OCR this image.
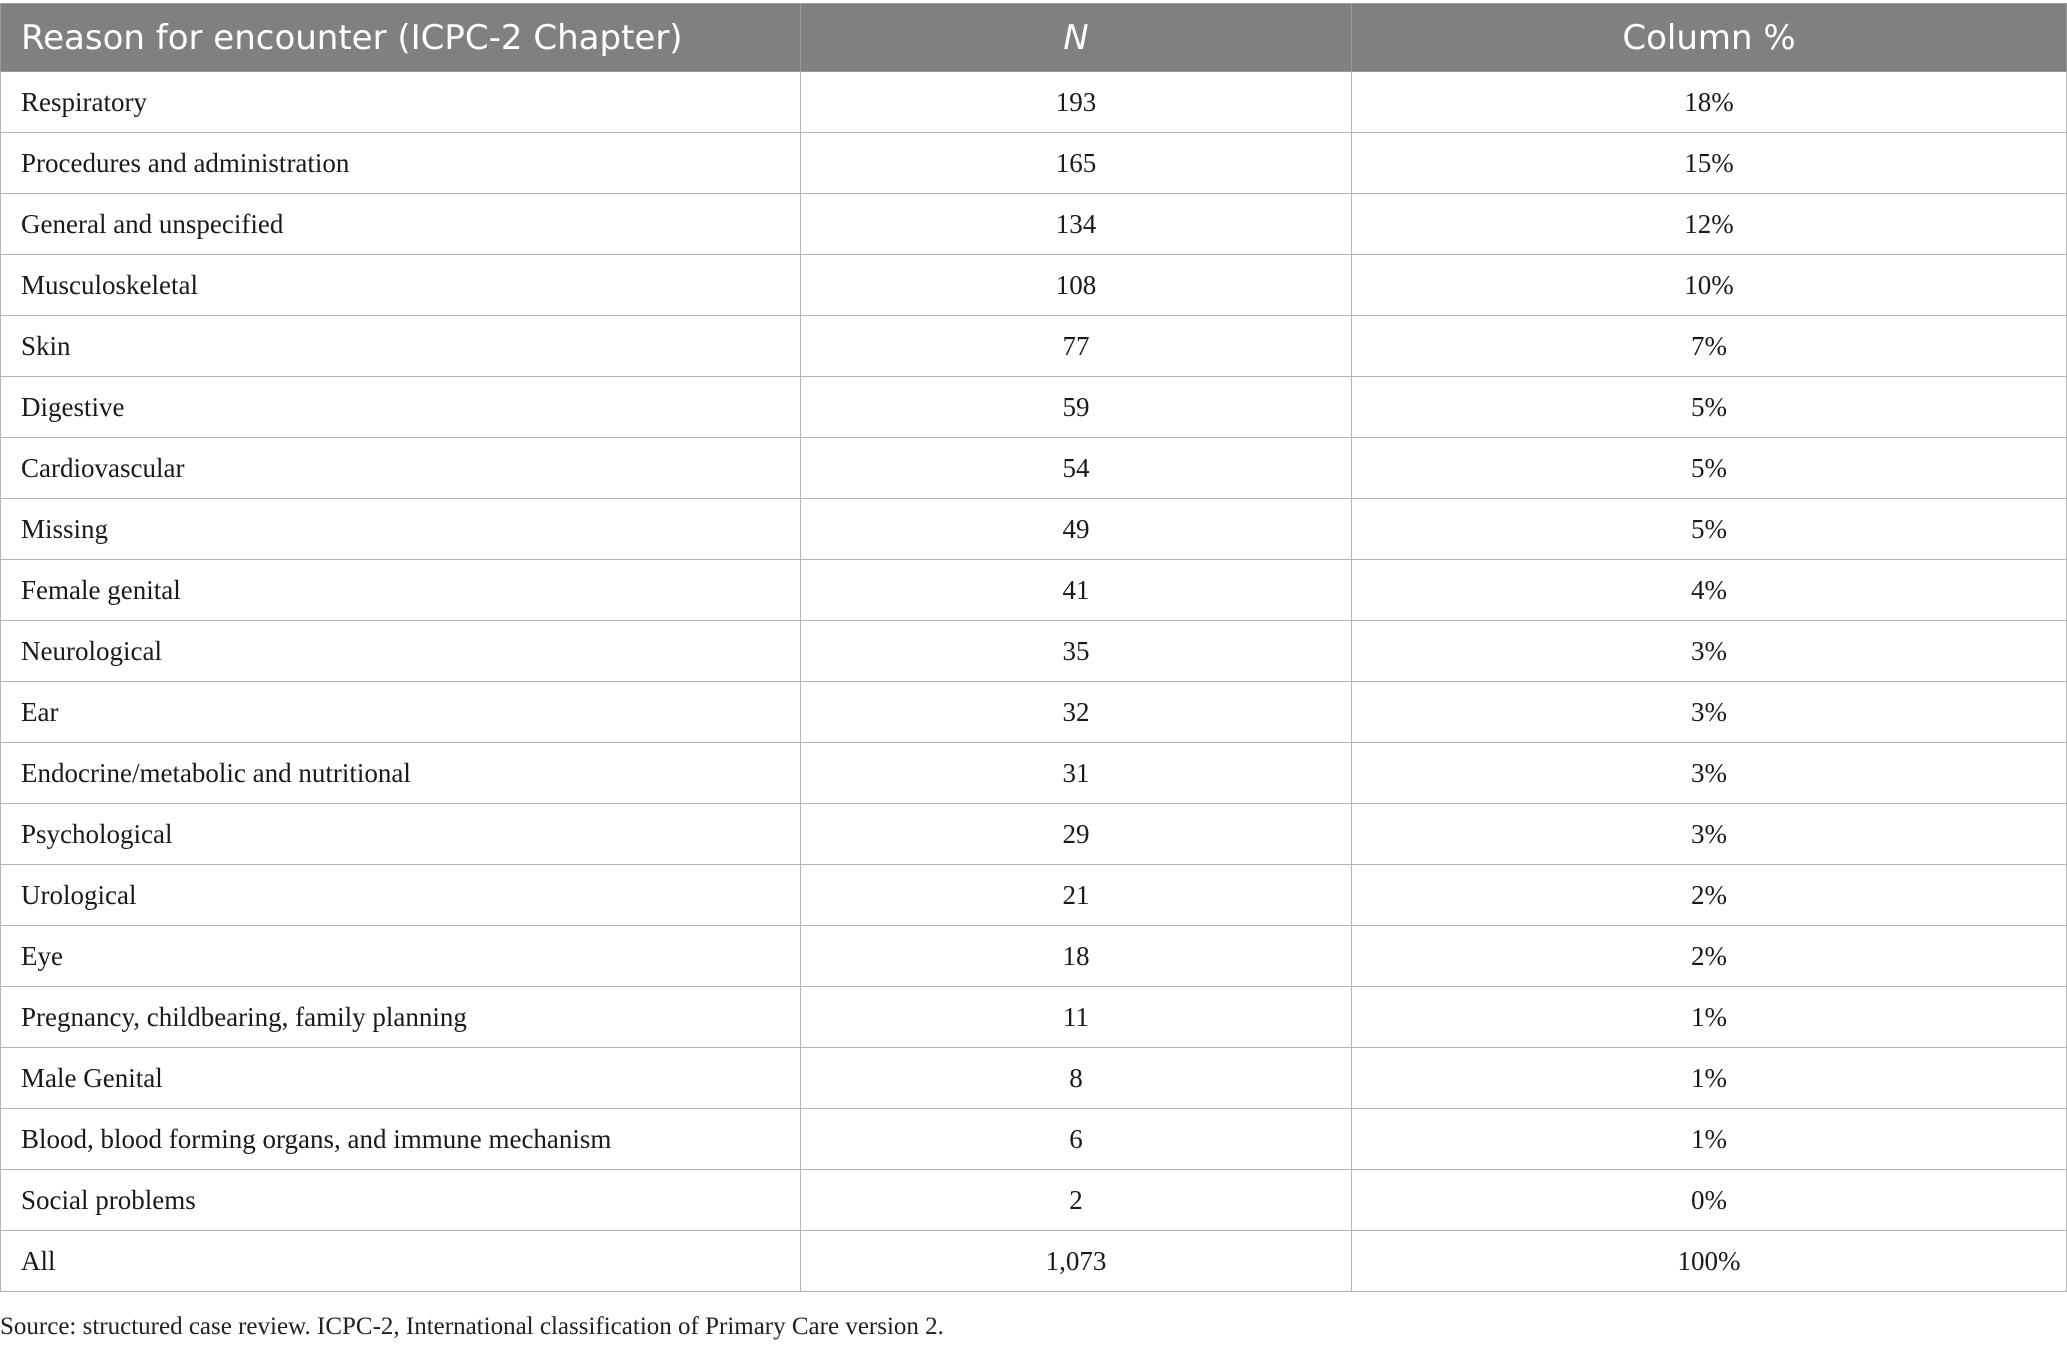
Reason for encounter (ICPC-2 Chapter)	N	Column %
Respiratory	193	18%
Procedures and administration	165	15%
General and unspecified	134	12%
Musculoskeletal	108	10%
Skin	77	7%
Digestive	59	5%
Cardiovascular	54	5%
Missing	49	5%
Female genital	41	4%
Neurological	35	3%
Ear	32	3%
Endocrine/metabolic and nutritional	31	3%
Psychological	29	3%
Urological	21	2%
Eye	18	2%
Pregnancy, childbearing, family planning	11	1%
Male Genital	8	1%
Blood, blood forming organs, and immune mechanism	6	1%
Social problems	2	0%
All	1,073	100%
Source: structured case review. ICPC-2, International classification of Primary Care version 2.
